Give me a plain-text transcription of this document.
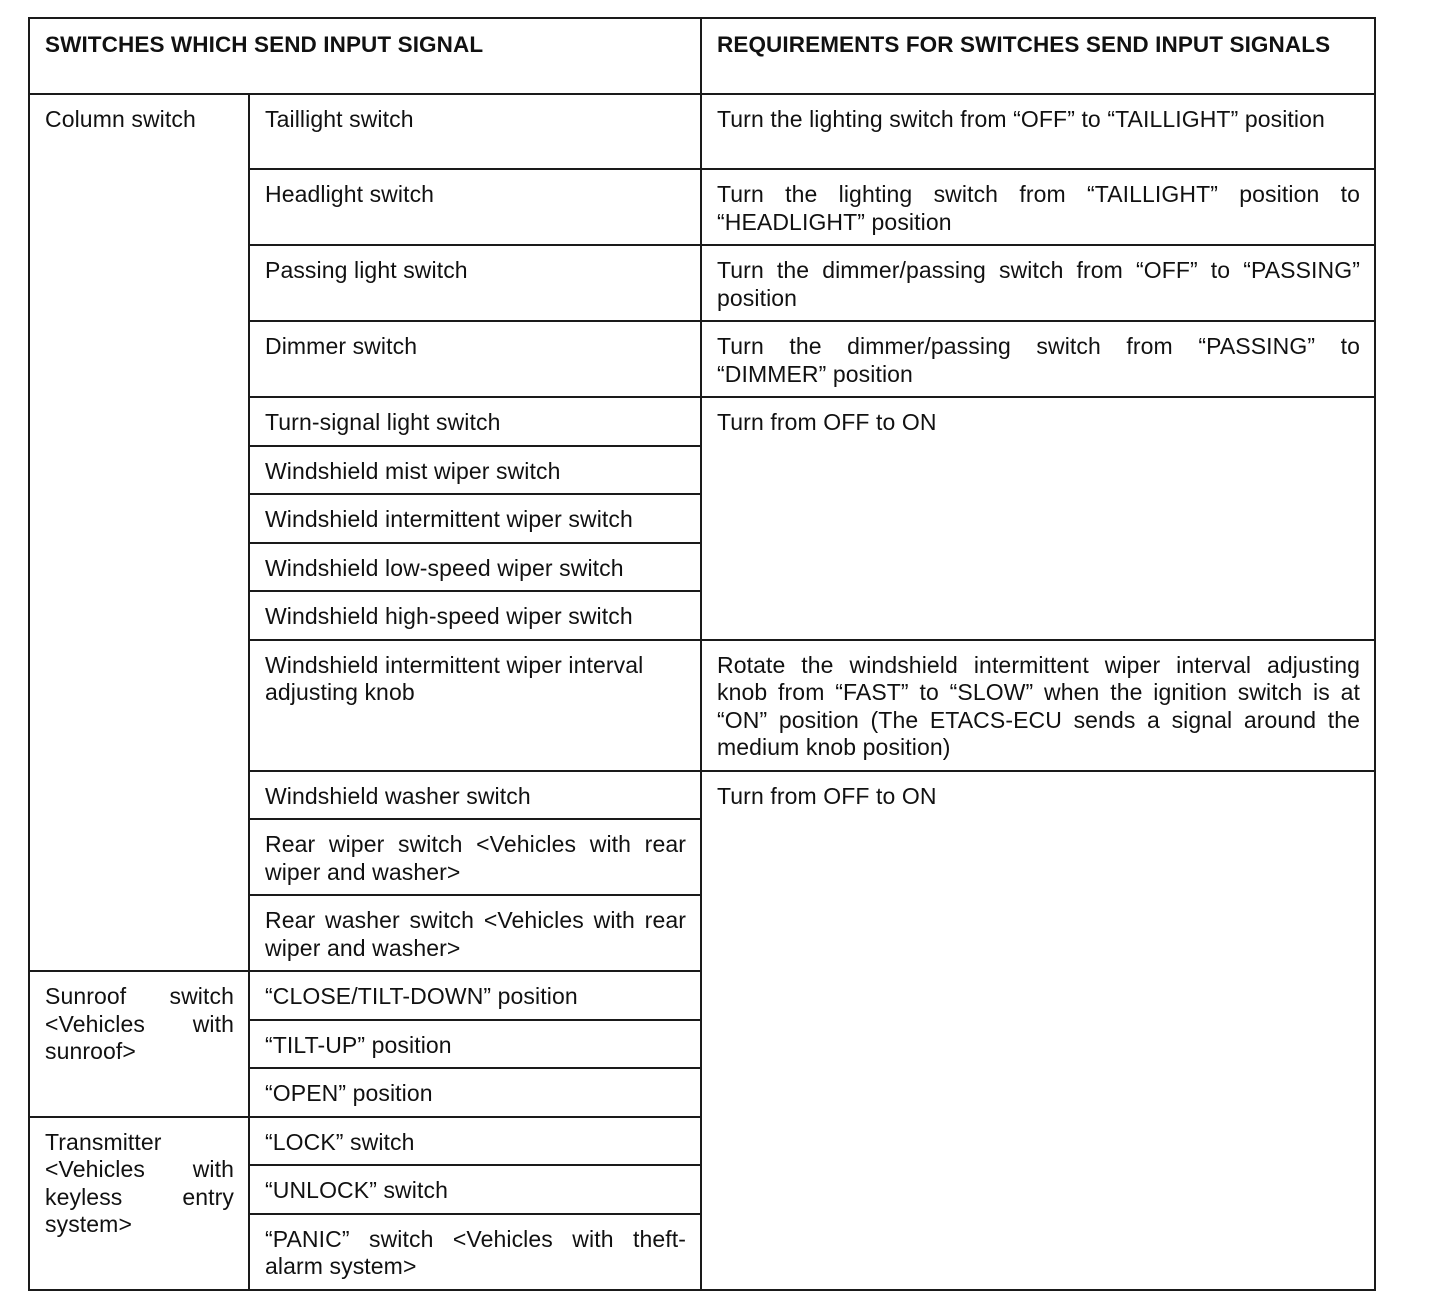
SWITCHES WHICH SEND INPUT SIGNAL		REQUIREMENTS FOR SWITCHES SEND INPUT SIGNALS
Column switch	Taillight switch	Turn the lighting switch from “OFF” to “TAILLIGHT” position
	Headlight switch	Turn the lighting switch from “TAILLIGHT” position to “HEADLIGHT” position
	Passing light switch	Turn the dimmer/passing switch from “OFF” to “PASSING” position
	Dimmer switch	Turn the dimmer/passing switch from “PASSING” to “DIMMER” position
	Turn-signal light switch	Turn from OFF to ON
	Windshield mist wiper switch	
	Windshield intermittent wiper switch	
	Windshield low-speed wiper switch	
	Windshield high-speed wiper switch	
	Windshield intermittent wiper interval adjusting knob	Rotate the windshield intermittent wiper interval adjusting knob from “FAST” to “SLOW” when the ignition switch is at “ON” position (The ETACS-ECU sends a signal around the medium knob position)
	Windshield washer switch	Turn from OFF to ON
	Rear wiper switch <Vehicles with rear wiper and washer>	
	Rear washer switch <Vehicles with rear wiper and washer>	
Sunroof switch <Vehicles with sunroof>	“CLOSE/TILT-DOWN” position	
	“TILT-UP” position	
	“OPEN” position	
Transmitter <Vehicles with keyless entry system>	“LOCK” switch	
	“UNLOCK” switch	
	“PANIC” switch <Vehicles with theft-alarm system>	
